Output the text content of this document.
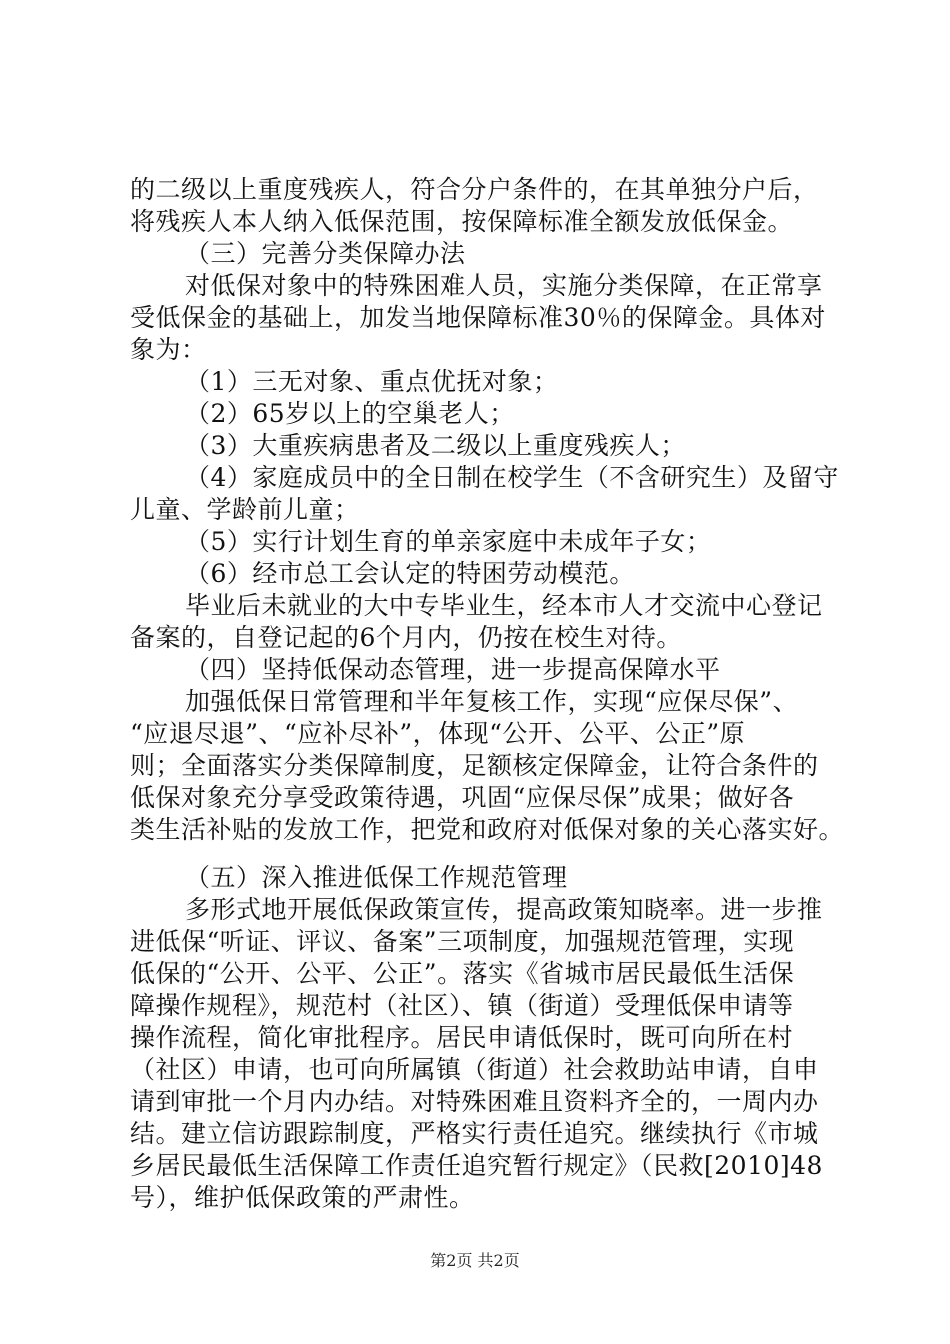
的二级以上重度残疾人，符合分户条件的，在其单独分户后，
将残疾人本人纳入低保范围，按保障标准全额发放低保金。
（三）完善分类保障办法
对低保对象中的特殊困难人员，实施分类保障，在正常享
受低保金的基础上，加发当地保障标准30％的保障金。具体对
象为：
（1）三无对象、重点优抚对象；
（2）65岁以上的空巢老人；
（3）大重疾病患者及二级以上重度残疾人；
（4）家庭成员中的全日制在校学生（不含研究生）及留守
儿童、学龄前儿童；
（5）实行计划生育的单亲家庭中未成年子女；
（6）经市总工会认定的特困劳动模范。
毕业后未就业的大中专毕业生，经本市人才交流中心登记
备案的，自登记起的6个月内，仍按在校生对待。
（四）坚持低保动态管理，进一步提高保障水平
加强低保日常管理和半年复核工作，实现“应保尽保”、
“应退尽退”、“应补尽补”，体现“公开、公平、公正”原
则；全面落实分类保障制度，足额核定保障金，让符合条件的
低保对象充分享受政策待遇，巩固“应保尽保”成果；做好各
类生活补贴的发放工作，把党和政府对低保对象的关心落实好。
（五）深入推进低保工作规范管理
多形式地开展低保政策宣传，提高政策知晓率。进一步推
进低保“听证、评议、备案”三项制度，加强规范管理，实现
低保的“公开、公平、公正”。落实《省城市居民最低生活保
障操作规程》，规范村（社区）、镇（街道）受理低保申请等
操作流程，简化审批程序。居民申请低保时，既可向所在村
（社区）申请，也可向所属镇（街道）社会救助站申请，自申
请到审批一个月内办结。对特殊困难且资料齐全的，一周内办
结。建立信访跟踪制度，严格实行责任追究。继续执行《市城
乡居民最低生活保障工作责任追究暂行规定》（民救[2010]48
号），维护低保政策的严肃性。
第2页 共2页
